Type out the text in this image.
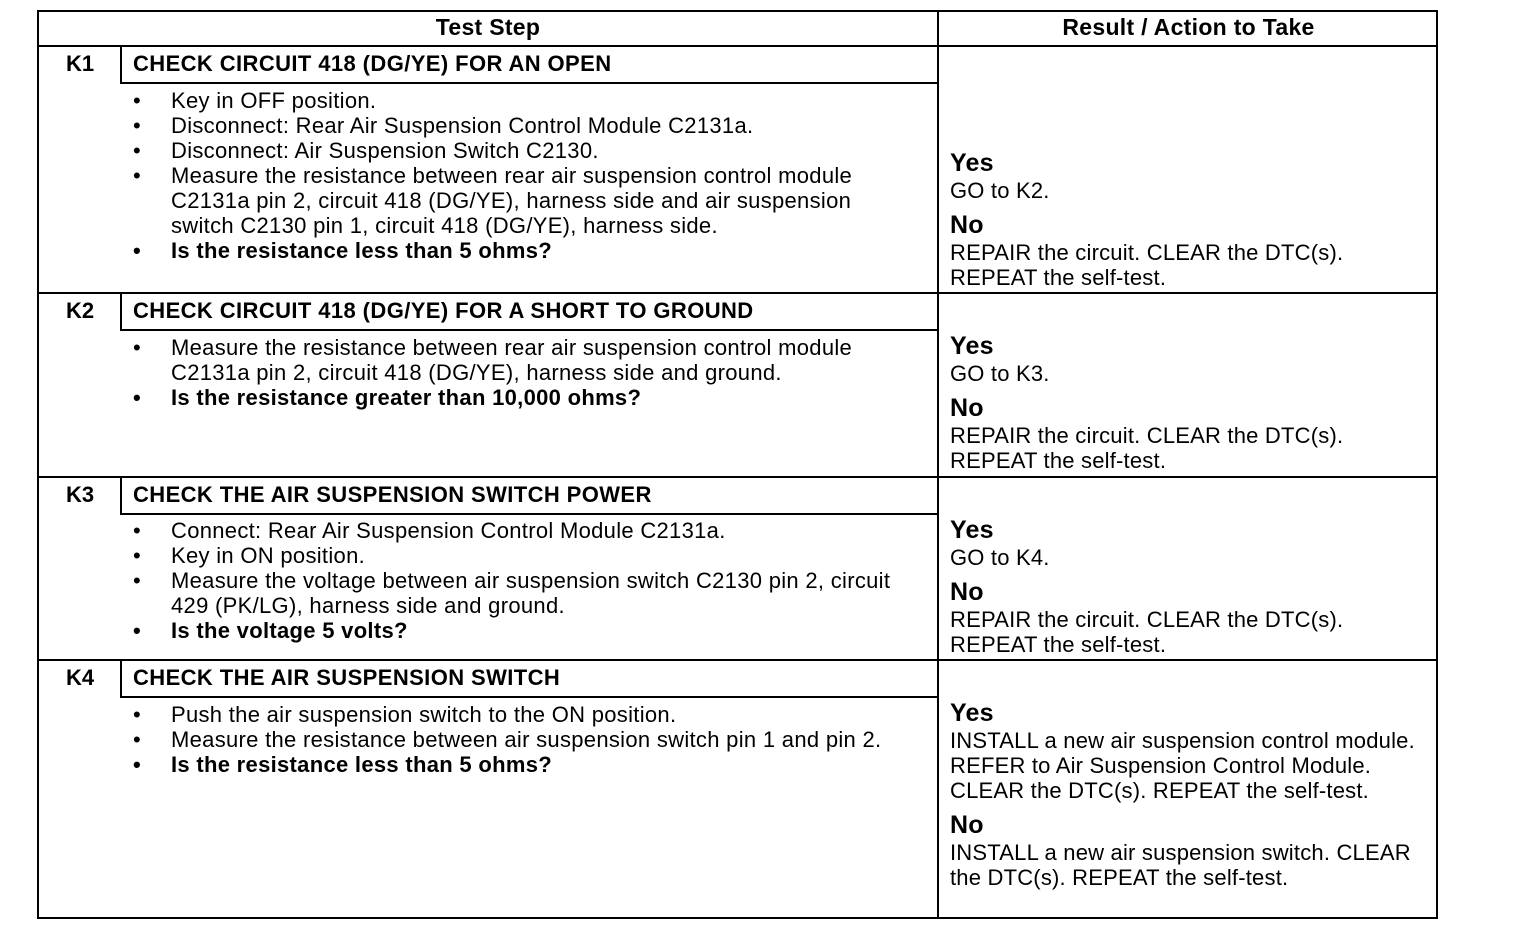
Test Step	Result / Action to Take
K1	CHECK CIRCUIT 418 (DG/YE) FOR AN OPEN
• Key in OFF position.
• Disconnect: Rear Air Suspension Control Module C2131a.
• Disconnect: Air Suspension Switch C2130.
• Measure the resistance between rear air suspension control module C2131a pin 2, circuit 418 (DG/YE), harness side and air suspension switch C2130 pin 1, circuit 418 (DG/YE), harness side.
• Is the resistance less than 5 ohms?
Yes
GO to K2.
No
REPAIR the circuit. CLEAR the DTC(s). REPEAT the self-test.
K2	CHECK CIRCUIT 418 (DG/YE) FOR A SHORT TO GROUND
• Measure the resistance between rear air suspension control module C2131a pin 2, circuit 418 (DG/YE), harness side and ground.
• Is the resistance greater than 10,000 ohms?
Yes
GO to K3.
No
REPAIR the circuit. CLEAR the DTC(s). REPEAT the self-test.
K3	CHECK THE AIR SUSPENSION SWITCH POWER
• Connect: Rear Air Suspension Control Module C2131a.
• Key in ON position.
• Measure the voltage between air suspension switch C2130 pin 2, circuit 429 (PK/LG), harness side and ground.
• Is the voltage 5 volts?
Yes
GO to K4.
No
REPAIR the circuit. CLEAR the DTC(s). REPEAT the self-test.
K4	CHECK THE AIR SUSPENSION SWITCH
• Push the air suspension switch to the ON position.
• Measure the resistance between air suspension switch pin 1 and pin 2.
• Is the resistance less than 5 ohms?
Yes
INSTALL a new air suspension control module. REFER to Air Suspension Control Module. CLEAR the DTC(s). REPEAT the self-test.
No
INSTALL a new air suspension switch. CLEAR the DTC(s). REPEAT the self-test.
